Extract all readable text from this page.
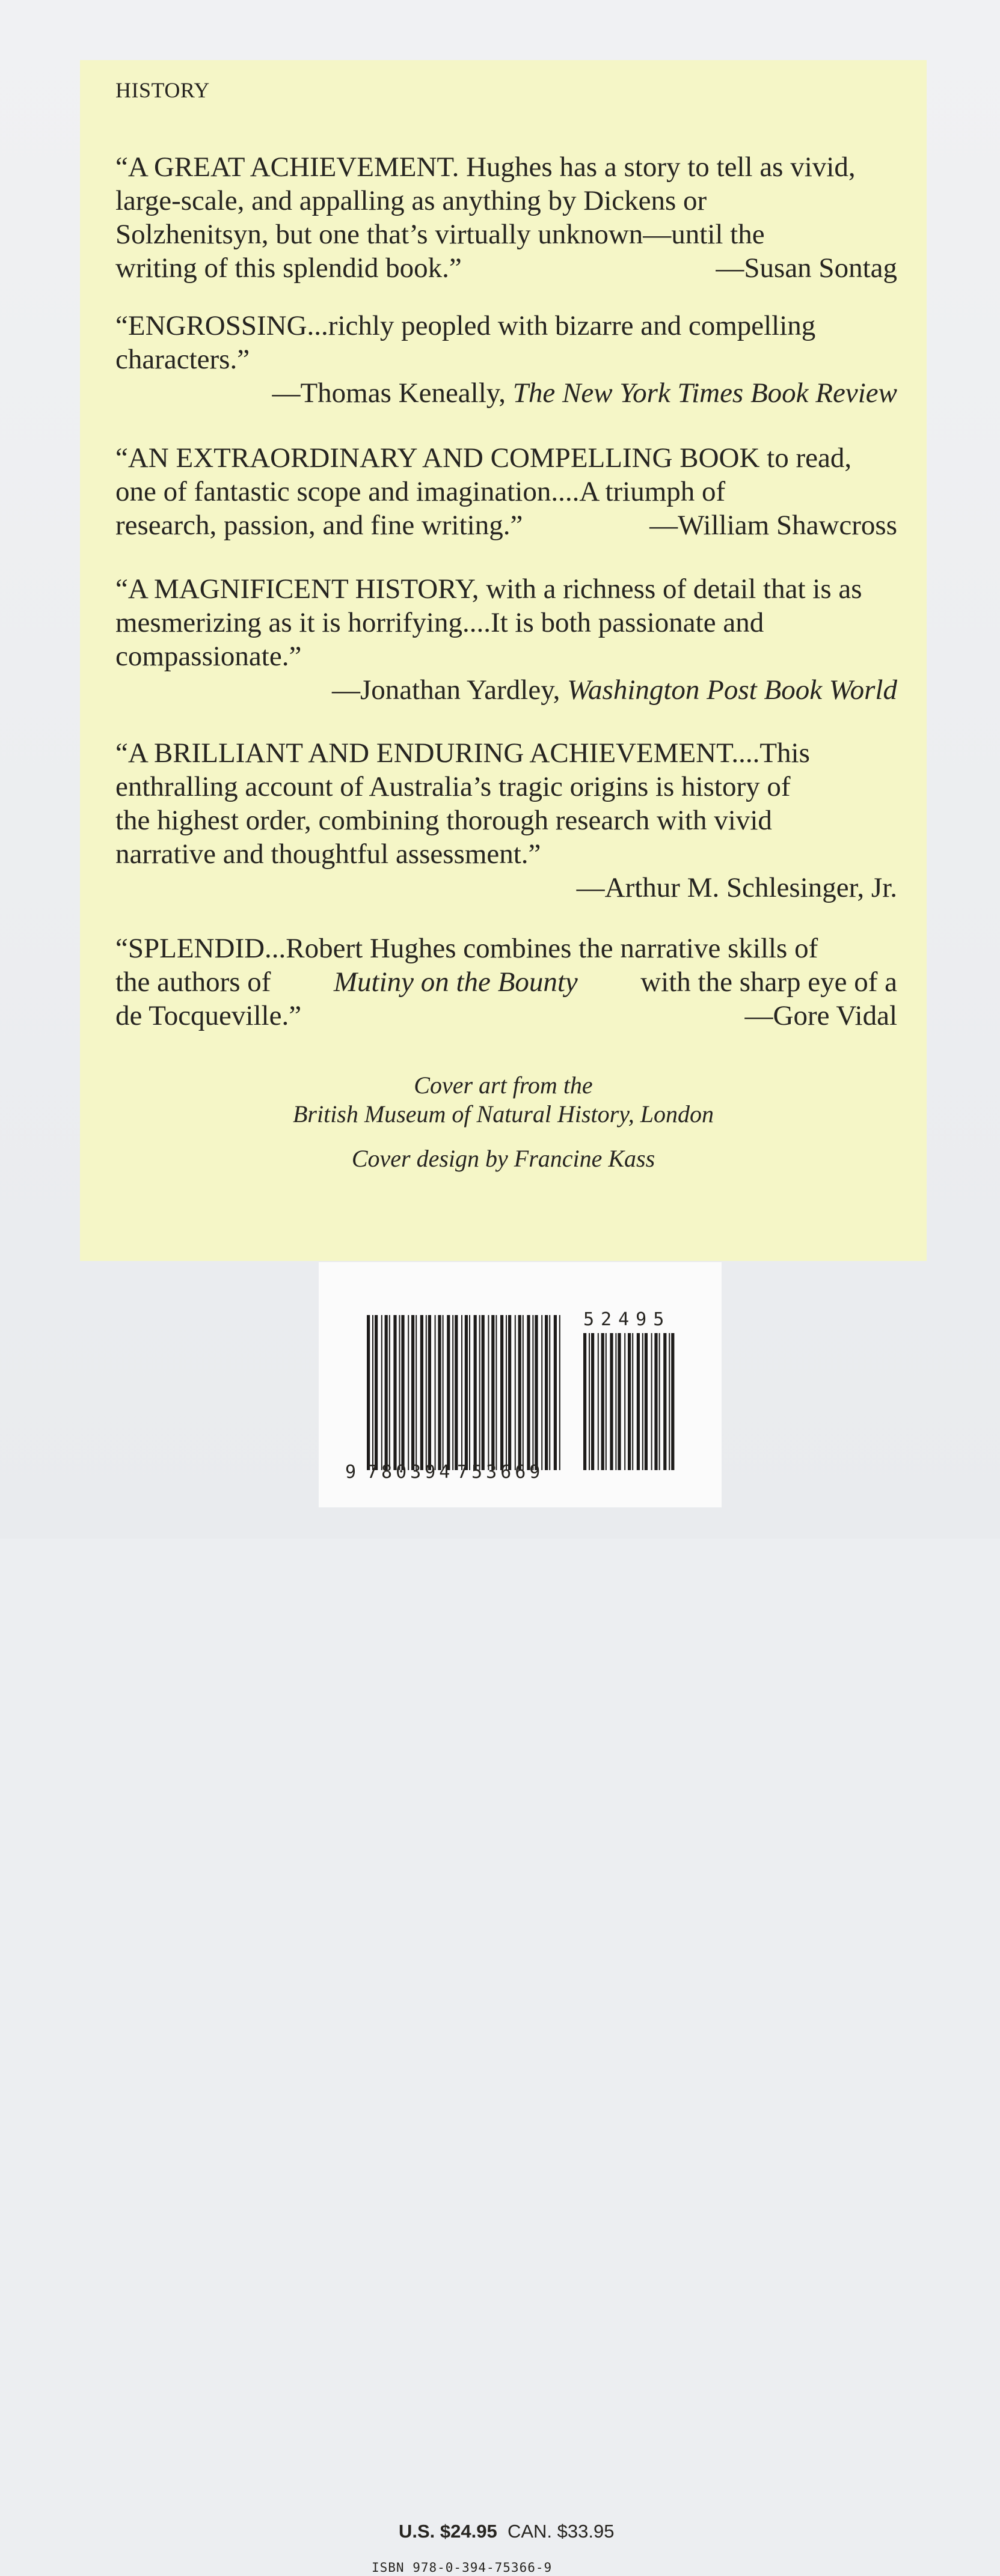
HISTORY
“A GREAT ACHIEVEMENT. Hughes has a story to tell as vivid,
large-scale, and appalling as anything by Dickens or
Solzhenitsyn, but one that’s virtually unknown—until the
writing of this splendid book.”	—Susan Sontag
“ENGROSSING...richly peopled with bizarre and compelling
characters.”
—Thomas Keneally, The New York Times Book Review
“AN EXTRAORDINARY AND COMPELLING BOOK to read,
one of fantastic scope and imagination....A triumph of
research, passion, and fine writing.”	—William Shawcross
“A MAGNIFICENT HISTORY, with a richness of detail that is as
mesmerizing as it is horrifying....It is both passionate and
compassionate.”
—Jonathan Yardley, Washington Post Book World
“A BRILLIANT AND ENDURING ACHIEVEMENT....This
enthralling account of Australia’s tragic origins is history of
the highest order, combining thorough research with vivid
narrative and thoughtful assessment.”
—Arthur M. Schlesinger, Jr.
“SPLENDID...Robert Hughes combines the narrative skills of
the authors of Mutiny on the Bounty with the sharp eye of a
de Tocqueville.”	—Gore Vidal
Cover art from the
British Museum of Natural History, London
Cover design by Francine Kass
U.S. $24.95 CAN. $33.95
ISBN 978-0-394-75366-9
52495
9 780394 753669
